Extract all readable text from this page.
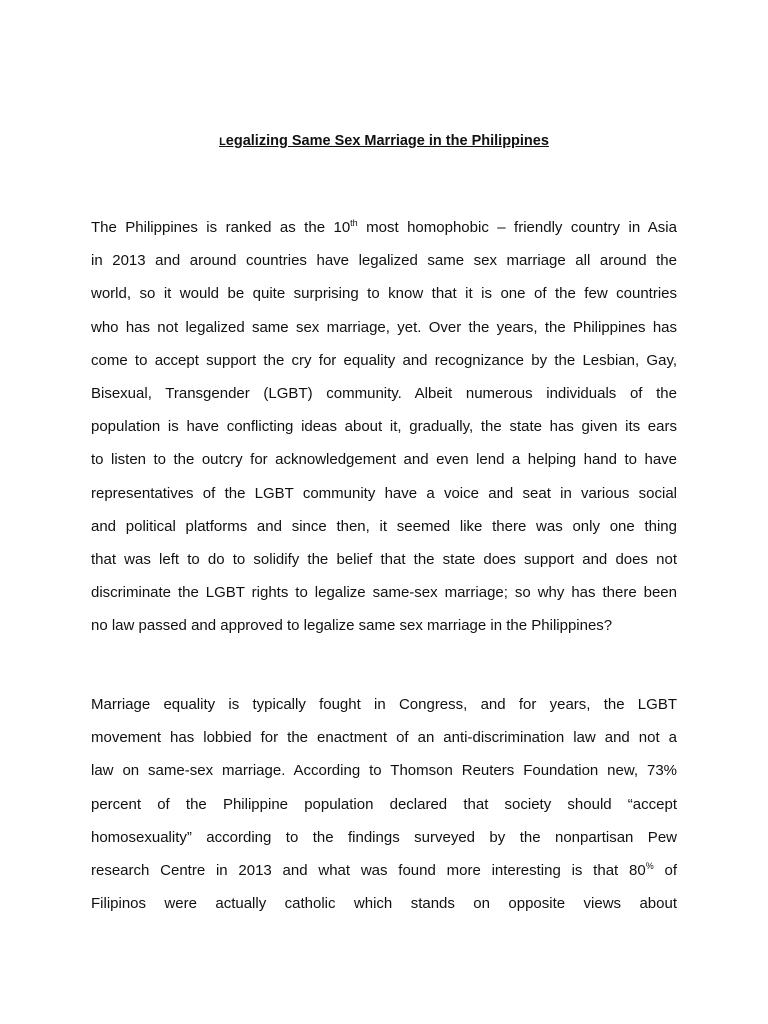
Legalizing Same Sex Marriage in the Philippines

The Philippines is ranked as the 10th most homophobic – friendly country in Asia
in 2013 and around countries have legalized same sex marriage all around the
world, so it would be quite surprising to know that it is one of the few countries
who has not legalized same sex marriage, yet. Over the years, the Philippines has
come to accept support the cry for equality and recognizance by the Lesbian, Gay,
Bisexual, Transgender (LGBT) community. Albeit numerous individuals of the
population is have conflicting ideas about it, gradually, the state has given its ears
to listen to the outcry for acknowledgement and even lend a helping hand to have
representatives of the LGBT community have a voice and seat in various social
and political platforms and since then, it seemed like there was only one thing
that was left to do to solidify the belief that the state does support and does not
discriminate the LGBT rights to legalize same-sex marriage; so why has there been
no law passed and approved to legalize same sex marriage in the Philippines?

Marriage equality is typically fought in Congress, and for years, the LGBT
movement has lobbied for the enactment of an anti-discrimination law and not a
law on same-sex marriage. According to Thomson Reuters Foundation new, 73%
percent of the Philippine population declared that society should “accept
homosexuality” according to the findings surveyed by the nonpartisan Pew
research Centre in 2013 and what was found more interesting is that 80% of
Filipinos were actually catholic which stands on opposite views about
